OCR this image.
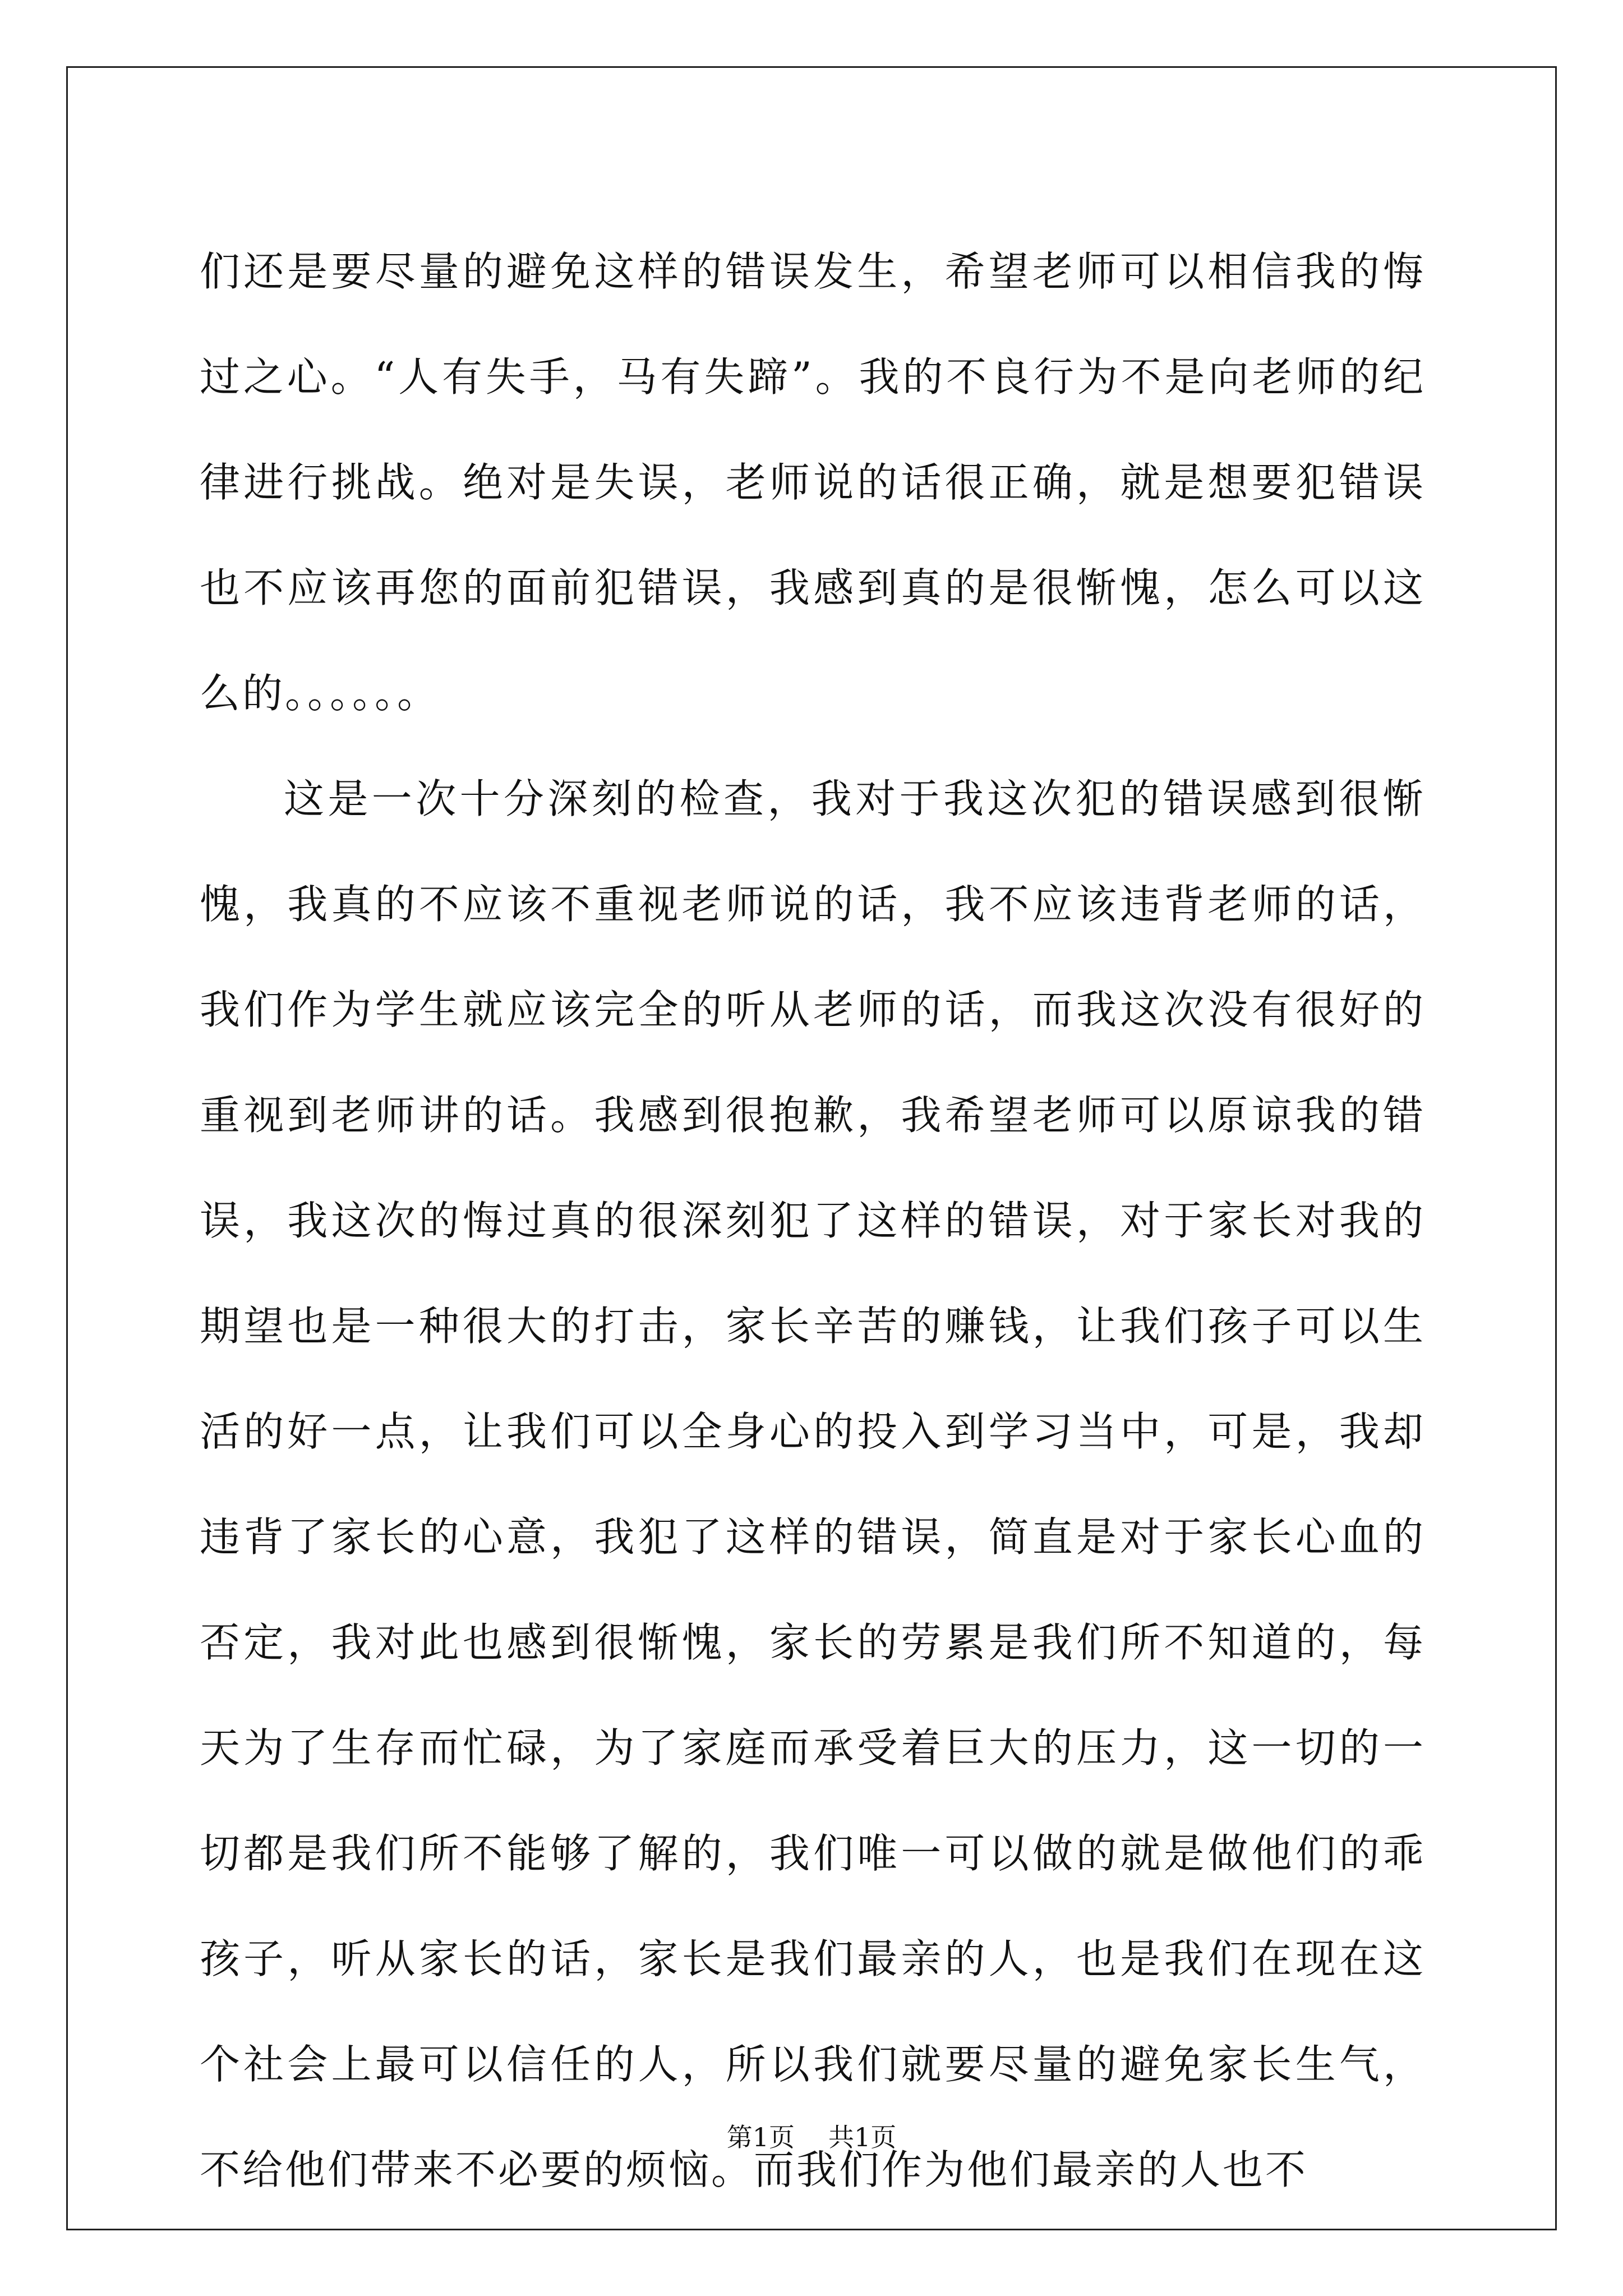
们还是要尽量的避免这样的错误发生，希望老师可以相信我的悔过之心。“人有失手，马有失蹄”。我的不良行为不是向老师的纪律进行挑战。绝对是失误，老师说的话很正确，就是想要犯错误也不应该再您的面前犯错误，我感到真的是很惭愧，怎么可以这么的。。。。。。

这是一次十分深刻的检查，我对于我这次犯的错误感到很惭愧，我真的不应该不重视老师说的话，我不应该违背老师的话，我们作为学生就应该完全的听从老师的话，而我这次没有很好的重视到老师讲的话。我感到很抱歉，我希望老师可以原谅我的错误，我这次的悔过真的很深刻犯了这样的错误，对于家长对我的期望也是一种很大的打击，家长辛苦的赚钱，让我们孩子可以生活的好一点，让我们可以全身心的投入到学习当中，可是，我却违背了家长的心意，我犯了这样的错误，简直是对于家长心血的否定，我对此也感到很惭愧，家长的劳累是我们所不知道的，每天为了生存而忙碌，为了家庭而承受着巨大的压力，这一切的一切都是我们所不能够了解的，我们唯一可以做的就是做他们的乖孩子，听从家长的话，家长是我们最亲的人，也是我们在现在这个社会上最可以信任的人，所以我们就要尽量的避免家长生气，不给他们带来不必要的烦恼。而我们作为他们最亲的人也不

第1页 共1页
